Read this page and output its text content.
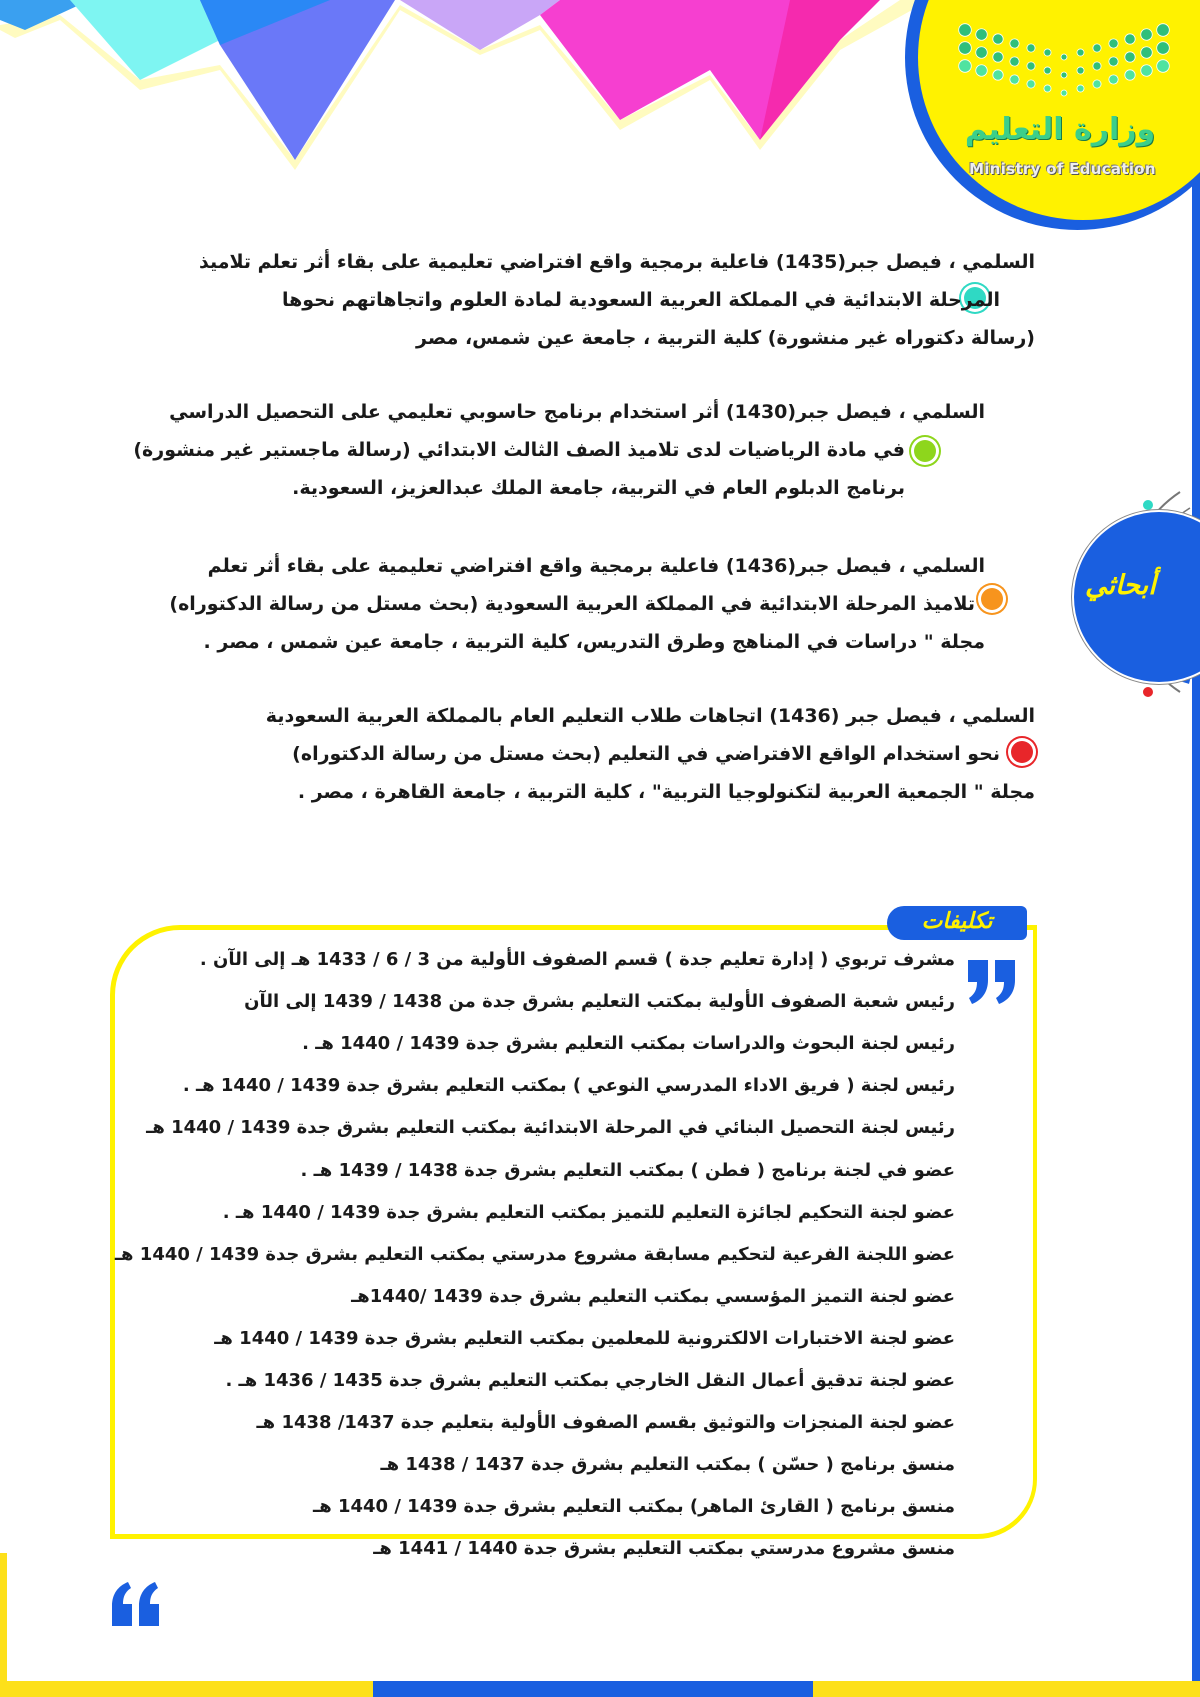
وزارة التعليم
Ministry of Education
أبحاثي
السلمي ، فيصل جبر(1435) فاعلية برمجية واقع افتراضي تعليمية على بقاء أثر تعلم تلاميذ
المرحلة الابتدائية في المملكة العربية السعودية لمادة العلوم واتجاهاتهم نحوها
(رسالة دكتوراه غير منشورة) كلية التربية ، جامعة عين شمس، مصر
السلمي ، فيصل جبر(1430) أثر استخدام برنامج حاسوبي تعليمي على التحصيل الدراسي
في مادة الرياضيات لدى تلاميذ الصف الثالث الابتدائي (رسالة ماجستير غير منشورة)
برنامج الدبلوم العام في التربية، جامعة الملك عبدالعزيز، السعودية.
السلمي ، فيصل جبر(1436) فاعلية برمجية واقع افتراضي تعليمية على بقاء أثر تعلم
تلاميذ المرحلة الابتدائية في المملكة العربية السعودية (بحث مستل من رسالة الدكتوراه)
مجلة " دراسات في المناهج وطرق التدريس، كلية التربية ، جامعة عين شمس ، مصر .
السلمي ، فيصل جبر (1436) اتجاهات طلاب التعليم العام بالمملكة العربية السعودية
نحو استخدام الواقع الافتراضي في التعليم (بحث مستل من رسالة الدكتوراه)
مجلة " الجمعية العربية لتكنولوجيا التربية" ، كلية التربية ، جامعة القاهرة ، مصر .
تكليفات
مشرف تربوي ( إدارة تعليم جدة ) قسم الصفوف الأولية من 3 / 6 / 1433 هـ إلى الآن .
رئيس شعبة الصفوف الأولية بمكتب التعليم بشرق جدة من 1438 / 1439 إلى الآن
رئيس لجنة البحوث والدراسات بمكتب التعليم بشرق جدة 1439 / 1440 هـ .
رئيس لجنة ( فريق الاداء المدرسي النوعي ) بمكتب التعليم بشرق جدة 1439 / 1440 هـ .
رئيس لجنة التحصيل البنائي في المرحلة الابتدائية بمكتب التعليم بشرق جدة 1439 / 1440 هـ
عضو في لجنة برنامج ( فطن ) بمكتب التعليم بشرق جدة 1438 / 1439 هـ .
عضو لجنة التحكيم لجائزة التعليم للتميز بمكتب التعليم بشرق جدة 1439 / 1440 هـ .
عضو اللجنة الفرعية لتحكيم مسابقة مشروع مدرستي بمكتب التعليم بشرق جدة 1439 / 1440 هـ
عضو لجنة التميز المؤسسي بمكتب التعليم بشرق جدة 1439 /1440هـ
عضو لجنة الاختبارات الالكترونية للمعلمين بمكتب التعليم بشرق جدة 1439 / 1440 هـ
عضو لجنة تدقيق أعمال النقل الخارجي بمكتب التعليم بشرق جدة 1435 / 1436 هـ .
عضو لجنة المنجزات والتوثيق بقسم الصفوف الأولية بتعليم جدة 1437/ 1438 هـ
منسق برنامج ( حسّن ) بمكتب التعليم بشرق جدة 1437 / 1438 هـ
منسق برنامج ( القارئ الماهر) بمكتب التعليم بشرق جدة 1439 / 1440 هـ
منسق مشروع مدرستي بمكتب التعليم بشرق جدة 1440 / 1441 هـ
